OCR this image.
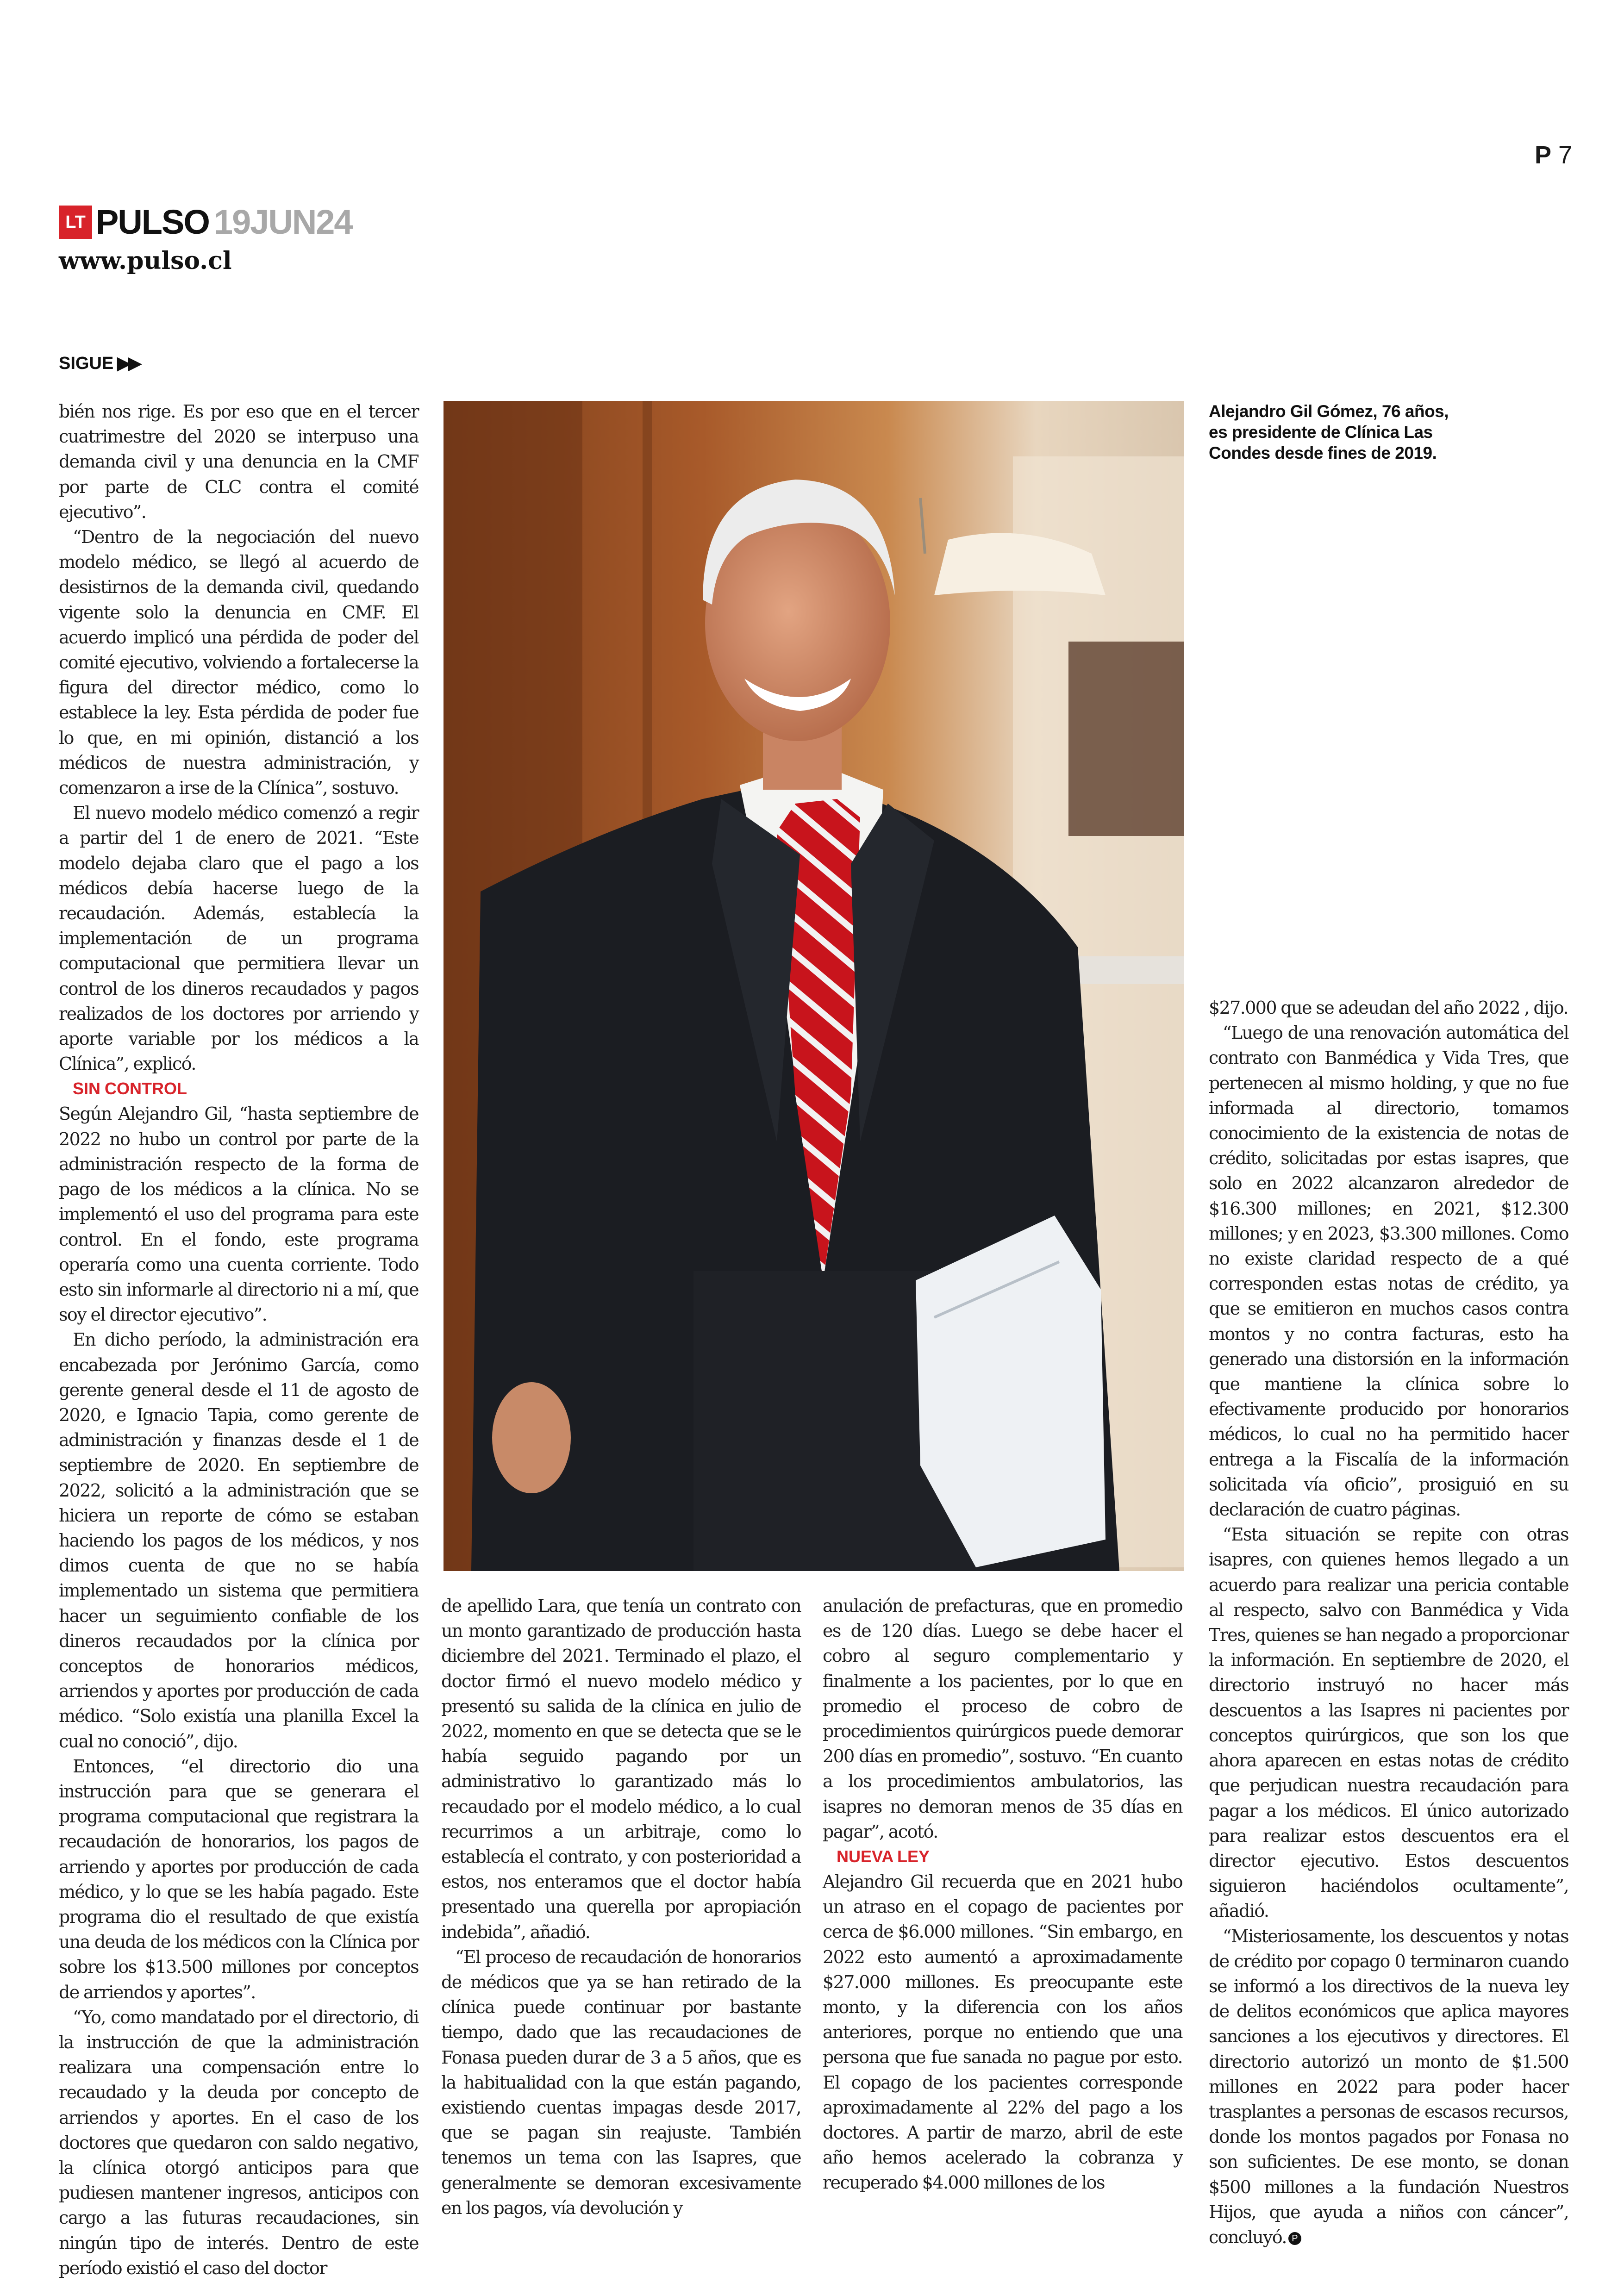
P 7
LT PULSO 19JUN24
www.pulso.cl
SIGUE ▶▶

bién nos rige. Es por eso que en el tercer cuatrimestre del 2020 se interpuso una demanda civil y una denuncia en la CMF por parte de CLC contra el comité ejecutivo”.

“Dentro de la negociación del nuevo modelo médico, se llegó al acuerdo de desistirnos de la demanda civil, quedando vigente solo la denuncia en CMF. El acuerdo implicó una pérdida de poder del comité ejecutivo, volviendo a fortalecerse la figura del director médico, como lo establece la ley. Esta pérdida de poder fue lo que, en mi opinión, distanció a los médicos de nuestra administración, y comenzaron a irse de la Clínica”, sostuvo.

El nuevo modelo médico comenzó a regir a partir del 1 de enero de 2021. “Este modelo dejaba claro que el pago a los médicos debía hacerse luego de la recaudación. Además, establecía la implementación de un programa computacional que permitiera llevar un control de los dineros recaudados y pagos realizados de los doctores por arriendo y aporte variable por los médicos a la Clínica”, explicó.

SIN CONTROL

Según Alejandro Gil, “hasta septiembre de 2022 no hubo un control por parte de la administración respecto de la forma de pago de los médicos a la clínica. No se implementó el uso del programa para este control. En el fondo, este programa operaría como una cuenta corriente. Todo esto sin informarle al directorio ni a mí, que soy el director ejecutivo”.

En dicho período, la administración era encabezada por Jerónimo García, como gerente general desde el 11 de agosto de 2020, e Ignacio Tapia, como gerente de administración y finanzas desde el 1 de septiembre de 2020. En septiembre de 2022, solicitó a la administración que se hiciera un reporte de cómo se estaban haciendo los pagos de los médicos, y nos dimos cuenta de que no se había implementado un sistema que permitiera hacer un seguimiento confiable de los dineros recaudados por la clínica por conceptos de honorarios médicos, arriendos y aportes por producción de cada médico. “Solo existía una planilla Excel la cual no conoció”, dijo.

Entonces, “el directorio dio una instrucción para que se generara el programa computacional que registrara la recaudación de honorarios, los pagos de arriendo y aportes por producción de cada médico, y lo que se les había pagado. Este programa dio el resultado de que existía una deuda de los médicos con la Clínica por sobre los $13.500 millones por conceptos de arriendos y aportes”.

“Yo, como mandatado por el directorio, di la instrucción de que la administración realizara una compensación entre lo recaudado y la deuda por concepto de arriendos y aportes. En el caso de los doctores que quedaron con saldo negativo, la clínica otorgó anticipos para que pudiesen mantener ingresos, anticipos con cargo a las futuras recaudaciones, sin ningún tipo de interés. Dentro de este período existió el caso del doctor

Alejandro Gil Gómez, 76 años, es presidente de Clínica Las Condes desde fines de 2019.

de apellido Lara, que tenía un contrato con un monto garantizado de producción hasta diciembre del 2021. Terminado el plazo, el doctor firmó el nuevo modelo médico y presentó su salida de la clínica en julio de 2022, momento en que se detecta que se le había seguido pagando por un administrativo lo garantizado más lo recaudado por el modelo médico, a lo cual recurrimos a un arbitraje, como lo establecía el contrato, y con posterioridad a estos, nos enteramos que el doctor había presentado una querella por apropiación indebida”, añadió.

“El proceso de recaudación de honorarios de médicos que ya se han retirado de la clínica puede continuar por bastante tiempo, dado que las recaudaciones de Fonasa pueden durar de 3 a 5 años, que es la habitualidad con la que están pagando, existiendo cuentas impagas desde 2017, que se pagan sin reajuste. También tenemos un tema con las Isapres, que generalmente se demoran excesivamente en los pagos, vía devolución y

anulación de prefacturas, que en promedio es de 120 días. Luego se debe hacer el cobro al seguro complementario y finalmente a los pacientes, por lo que en promedio el proceso de cobro de procedimientos quirúrgicos puede demorar 200 días en promedio”, sostuvo. “En cuanto a los procedimientos ambulatorios, las isapres no demoran menos de 35 días en pagar”, acotó.

NUEVA LEY

Alejandro Gil recuerda que en 2021 hubo un atraso en el copago de pacientes por cerca de $6.000 millones. “Sin embargo, en 2022 esto aumentó a aproximadamente $27.000 millones. Es preocupante este monto, y la diferencia con los años anteriores, porque no entiendo que una persona que fue sanada no pague por esto. El copago de los pacientes corresponde aproximadamente al 22% del pago a los doctores. A partir de marzo, abril de este año hemos acelerado la cobranza y recuperado $4.000 millones de los

$27.000 que se adeudan del año 2022 , dijo.

“Luego de una renovación automática del contrato con Banmédica y Vida Tres, que pertenecen al mismo holding, y que no fue informada al directorio, tomamos conocimiento de la existencia de notas de crédito, solicitadas por estas isapres, que solo en 2022 alcanzaron alrededor de $16.300 millones; en 2021, $12.300 millones; y en 2023, $3.300 millones. Como no existe claridad respecto de a qué corresponden estas notas de crédito, ya que se emitieron en muchos casos contra montos y no contra facturas, esto ha generado una distorsión en la información que mantiene la clínica sobre lo efectivamente producido por honorarios médicos, lo cual no ha permitido hacer entrega a la Fiscalía de la información solicitada vía oficio”, prosiguió en su declaración de cuatro páginas.

“Esta situación se repite con otras isapres, con quienes hemos llegado a un acuerdo para realizar una pericia contable al respecto, salvo con Banmédica y Vida Tres, quienes se han negado a proporcionar la información. En septiembre de 2020, el directorio instruyó no hacer más descuentos a las Isapres ni pacientes por conceptos quirúrgicos, que son los que ahora aparecen en estas notas de crédito que perjudican nuestra recaudación para pagar a los médicos. El único autorizado para realizar estos descuentos era el director ejecutivo. Estos descuentos siguieron haciéndolos ocultamente”, añadió.

“Misteriosamente, los descuentos y notas de crédito por copago 0 terminaron cuando se informó a los directivos de la nueva ley de delitos económicos que aplica mayores sanciones a los ejecutivos y directores. El directorio autorizó un monto de $1.500 millones en 2022 para poder hacer trasplantes a personas de escasos recursos, donde los montos pagados por Fonasa no son suficientes. De ese monto, se donan $500 millones a la fundación Nuestros Hijos, que ayuda a niños con cáncer”, concluyó. P
